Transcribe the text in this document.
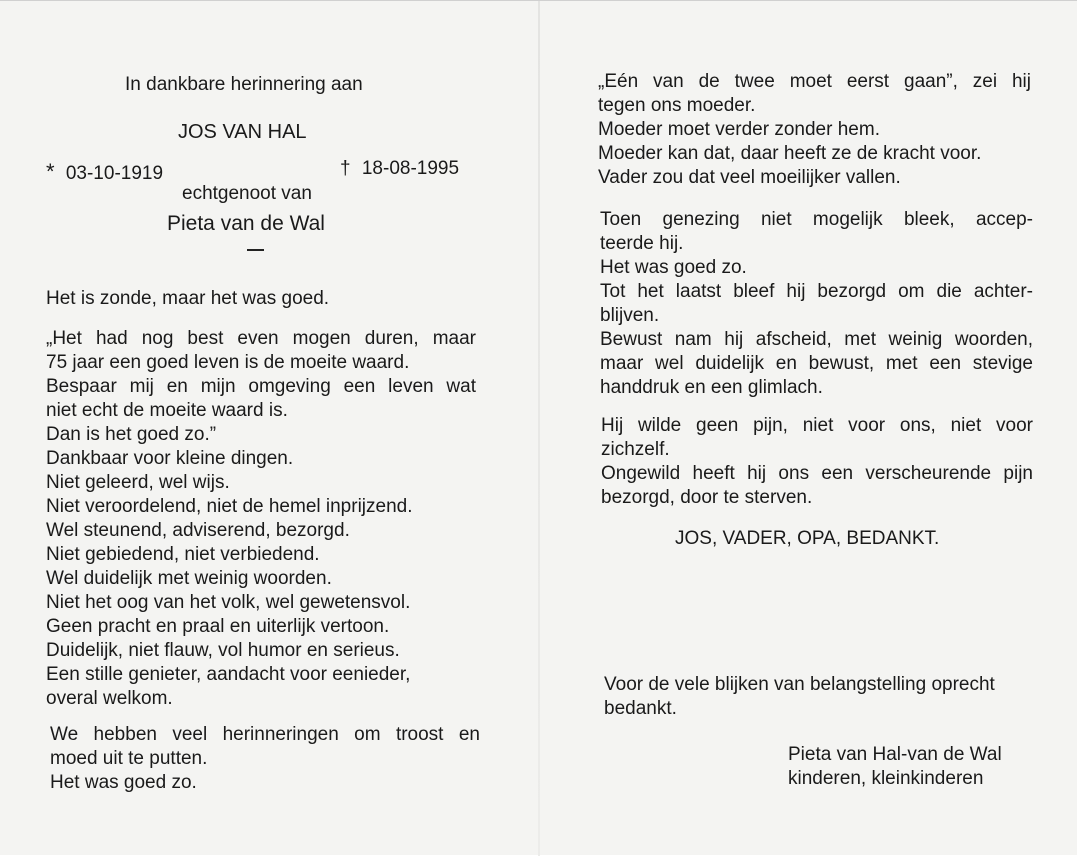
In dankbare herinnering aan
JOS VAN HAL
* 03-10-1919	† 18-08-1995
echtgenoot van
Pieta van de Wal
Het is zonde, maar het was goed.
„Het had nog best even mogen duren, maar
75 jaar een goed leven is de moeite waard.
Bespaar mij en mijn omgeving een leven wat
niet echt de moeite waard is.
Dan is het goed zo.”
Dankbaar voor kleine dingen.
Niet geleerd, wel wijs.
Niet veroordelend, niet de hemel inprijzend.
Wel steunend, adviserend, bezorgd.
Niet gebiedend, niet verbiedend.
Wel duidelijk met weinig woorden.
Niet het oog van het volk, wel gewetensvol.
Geen pracht en praal en uiterlijk vertoon.
Duidelijk, niet flauw, vol humor en serieus.
Een stille genieter, aandacht voor eenieder,
overal welkom.
We hebben veel herinneringen om troost en
moed uit te putten.
Het was goed zo.
„Eén van de twee moet eerst gaan”, zei hij
tegen ons moeder.
Moeder moet verder zonder hem.
Moeder kan dat, daar heeft ze de kracht voor.
Vader zou dat veel moeilijker vallen.
Toen genezing niet mogelijk bleek, accep-
teerde hij.
Het was goed zo.
Tot het laatst bleef hij bezorgd om die achter-
blijven.
Bewust nam hij afscheid, met weinig woorden,
maar wel duidelijk en bewust, met een stevige
handdruk en een glimlach.
Hij wilde geen pijn, niet voor ons, niet voor
zichzelf.
Ongewild heeft hij ons een verscheurende pijn
bezorgd, door te sterven.
JOS, VADER, OPA, BEDANKT.
Voor de vele blijken van belangstelling oprecht
bedankt.
Pieta van Hal-van de Wal
kinderen, kleinkinderen
